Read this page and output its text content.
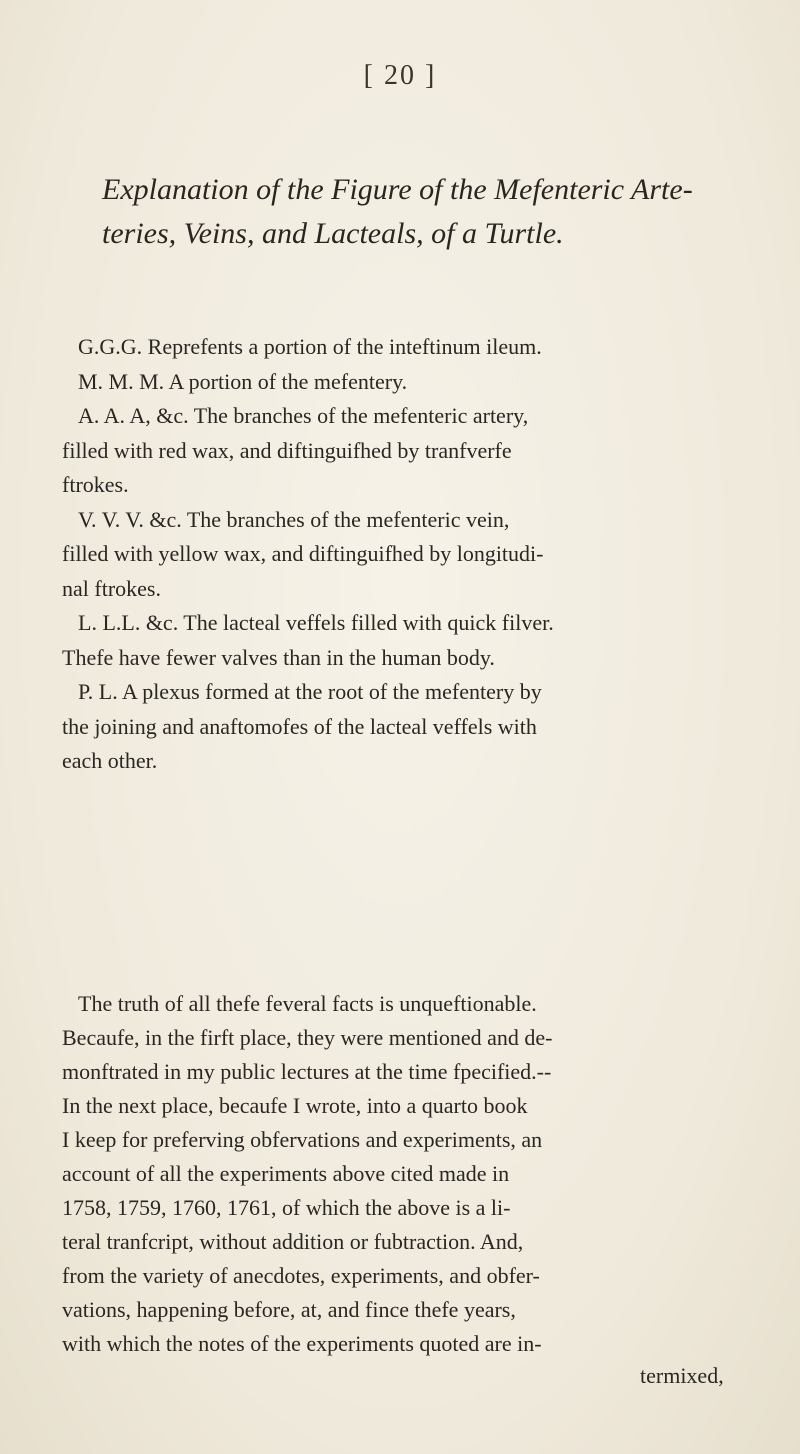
[ 20 ]
Explanation of the Figure of the Mefenteric Arte-
teries, Veins, and Lacteals, of a Turtle.
G.G.G. Reprefents a portion of the inteftinum ileum.
M. M. M. A portion of the mefentery.
A. A. A, &c. The branches of the mefenteric artery,
filled with red wax, and diftinguifhed by tranfverfe
ftrokes.
V. V. V. &c. The branches of the mefenteric vein,
filled with yellow wax, and diftinguifhed by longitudi-
nal ftrokes.
L. L.L. &c. The lacteal veffels filled with quick filver.
Thefe have fewer valves than in the human body.
P. L. A plexus formed at the root of the mefentery by
the joining and anaftomofes of the lacteal veffels with
each other.
The truth of all thefe feveral facts is unqueftionable.
Becaufe, in the firft place, they were mentioned and de-
monftrated in my public lectures at the time fpecified.--
In the next place, becaufe I wrote, into a quarto book
I keep for preferving obfervations and experiments, an
account of all the experiments above cited made in
1758, 1759, 1760, 1761, of which the above is a li-
teral tranfcript, without addition or fubtraction. And,
from the variety of anecdotes, experiments, and obfer-
vations, happening before, at, and fince thefe years,
with which the notes of the experiments quoted are in-
termixed,
